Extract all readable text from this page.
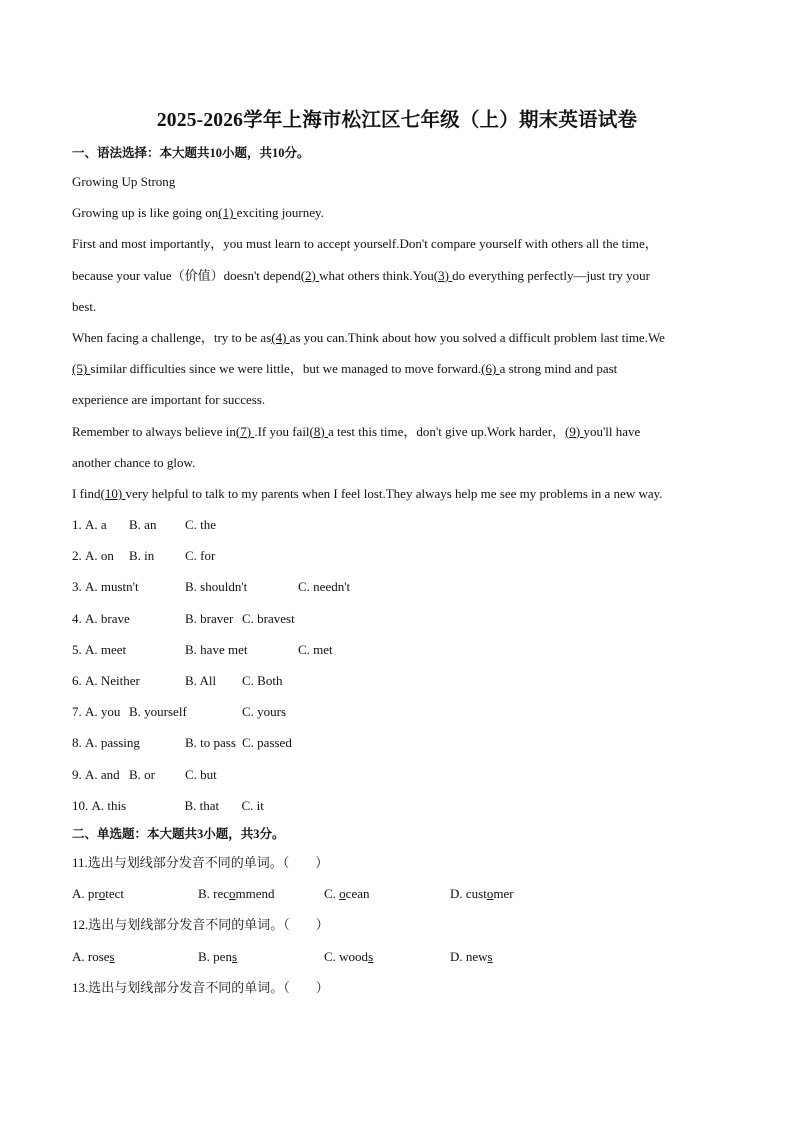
2025-2026学年上海市松江区七年级（上）期末英语试卷

一、语法选择：本大题共10小题，共10分。

Growing Up Strong

Growing up is like going on(1) exciting journey.

First and most importantly，you must learn to accept yourself.Don't compare yourself with others all the time，

because your value（价值）doesn't depend(2) what others think.You(3) do everything perfectly—just try your

best.

When facing a challenge，try to be as(4) as you can.Think about how you solved a difficult problem last time.We

(5) similar difficulties since we were little，but we managed to move forward.(6) a strong mind and past

experience are important for success.

Remember to always believe in(7) .If you fail(8) a test this time，don't give up.Work harder，(9) you'll have

another chance to glow.

I find(10) very helpful to talk to my parents when I feel lost.They always help me see my problems in a new way.

1. A. a B. an C. the
2. A. on B. in C. for
3. A. mustn't	B. shouldn't	C. needn't
4. A. brave	B. braver C. bravest
5. A. meet	B. have met	C. met
6. A. Neither	B. All C. Both
7. A. you B. yourself	C. yours
8. A. passing	B. to pass C. passed
9. A. and B. or C. but
10. A. this	B. that C. it

二、单选题：本大题共3小题，共3分。

11.选出与划线部分发音不同的单词。（　　）
A. protect	B. recommend	C. ocean	D. customer
12.选出与划线部分发音不同的单词。（　　）
A. roses	B. pens	C. woods	D. news
13.选出与划线部分发音不同的单词。（　　）
